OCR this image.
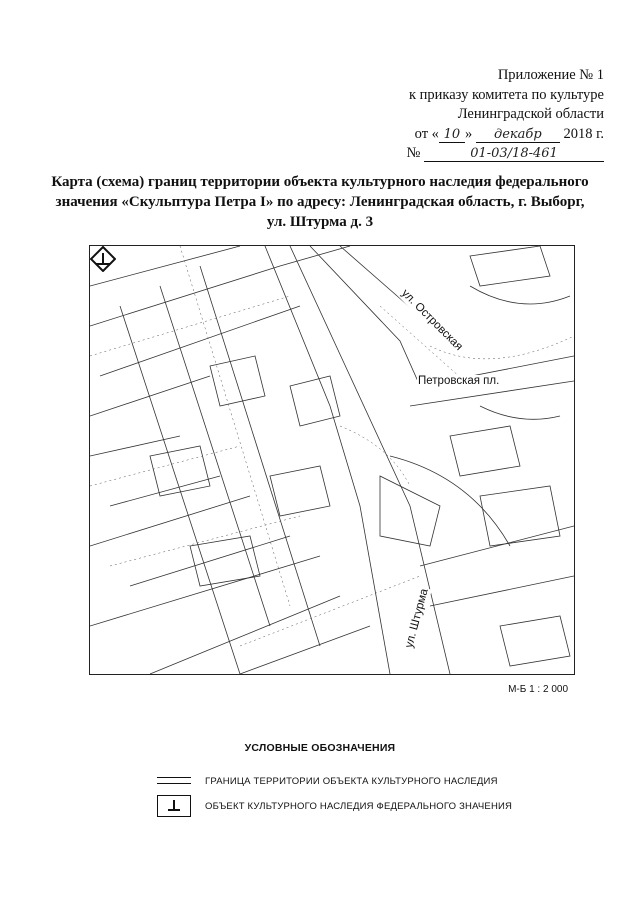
Приложение № 1
к приказу комитета по культуре
Ленинградской области
от « 10 » декабр 2018 г.
№	01-03/18-461
Карта (схема) границ территории объекта культурного наследия федерального
значения «Скульптура Петра I» по адресу: Ленинградская область, г. Выборг,
ул. Штурма д. 3
ул. Островская
Петровская пл.
ул. Штурма
М-Б 1 : 2 000
УСЛОВНЫЕ ОБОЗНАЧЕНИЯ
ГРАНИЦА ТЕРРИТОРИИ ОБЪЕКТА КУЛЬТУРНОГО НАСЛЕДИЯ
ОБЪЕКТ КУЛЬТУРНОГО НАСЛЕДИЯ ФЕДЕРАЛЬНОГО ЗНАЧЕНИЯ
